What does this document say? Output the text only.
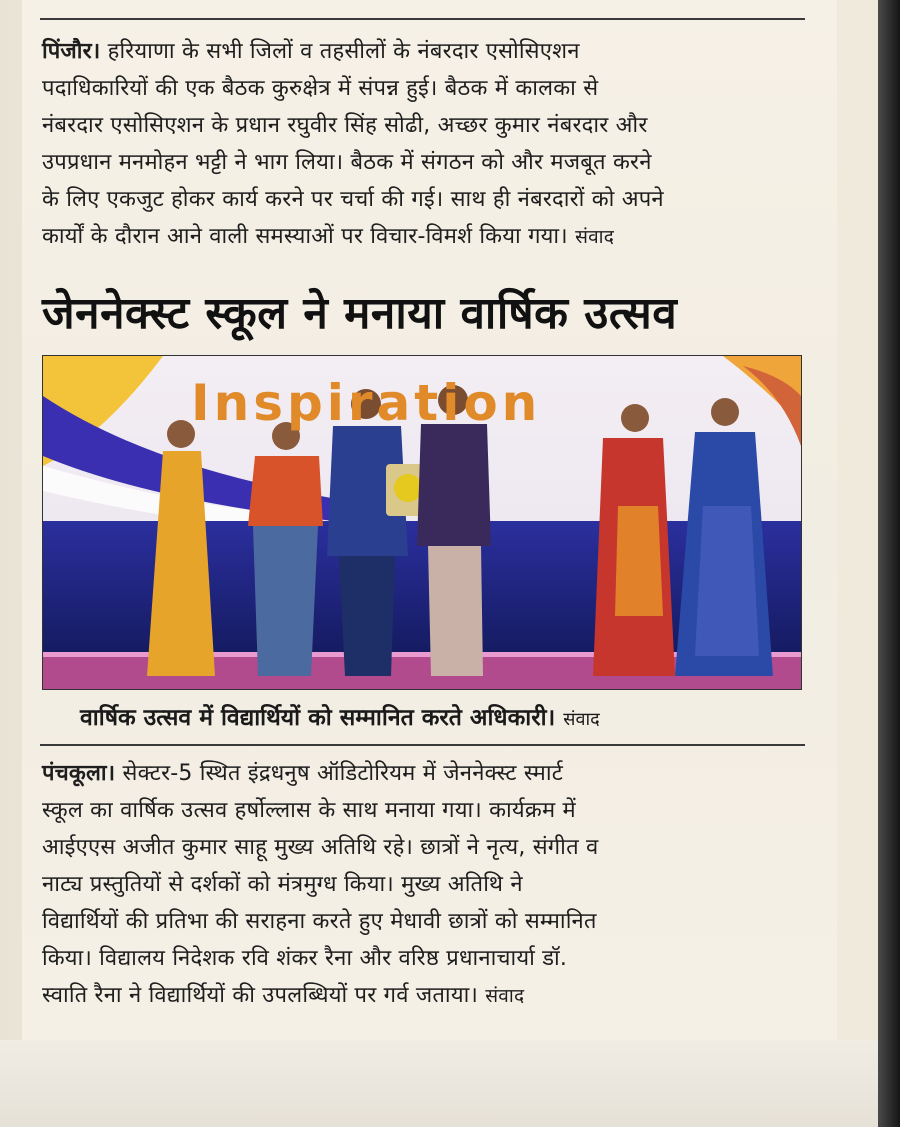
पिंजौर। हरियाणा के सभी जिलों व तहसीलों के नंबरदार एसोसिएशन
पदाधिकारियों की एक बैठक कुरुक्षेत्र में संपन्न हुई। बैठक में कालका से
नंबरदार एसोसिएशन के प्रधान रघुवीर सिंह सोढी, अच्छर कुमार नंबरदार और
उपप्रधान मनमोहन भट्टी ने भाग लिया। बैठक में संगठन को और मजबूत करने
के लिए एकजुट होकर कार्य करने पर चर्चा की गई। साथ ही नंबरदारों को अपने
कार्यों के दौरान आने वाली समस्याओं पर विचार-विमर्श किया गया। संवाद
जेननेक्स्ट स्कूल ने मनाया वार्षिक उत्सव
Inspiration
वार्षिक उत्सव में विद्यार्थियों को सम्मानित करते अधिकारी। संवाद
पंचकूला। सेक्टर-5 स्थित इंद्रधनुष ऑडिटोरियम में जेननेक्स्ट स्मार्ट
स्कूल का वार्षिक उत्सव हर्षोल्लास के साथ मनाया गया। कार्यक्रम में
आईएएस अजीत कुमार साहू मुख्य अतिथि रहे। छात्रों ने नृत्य, संगीत व
नाट्य प्रस्तुतियों से दर्शकों को मंत्रमुग्ध किया। मुख्य अतिथि ने
विद्यार्थियों की प्रतिभा की सराहना करते हुए मेधावी छात्रों को सम्मानित
किया। विद्यालय निदेशक रवि शंकर रैना और वरिष्ठ प्रधानाचार्या डॉ.
स्वाति रैना ने विद्यार्थियों की उपलब्धियों पर गर्व जताया। संवाद
